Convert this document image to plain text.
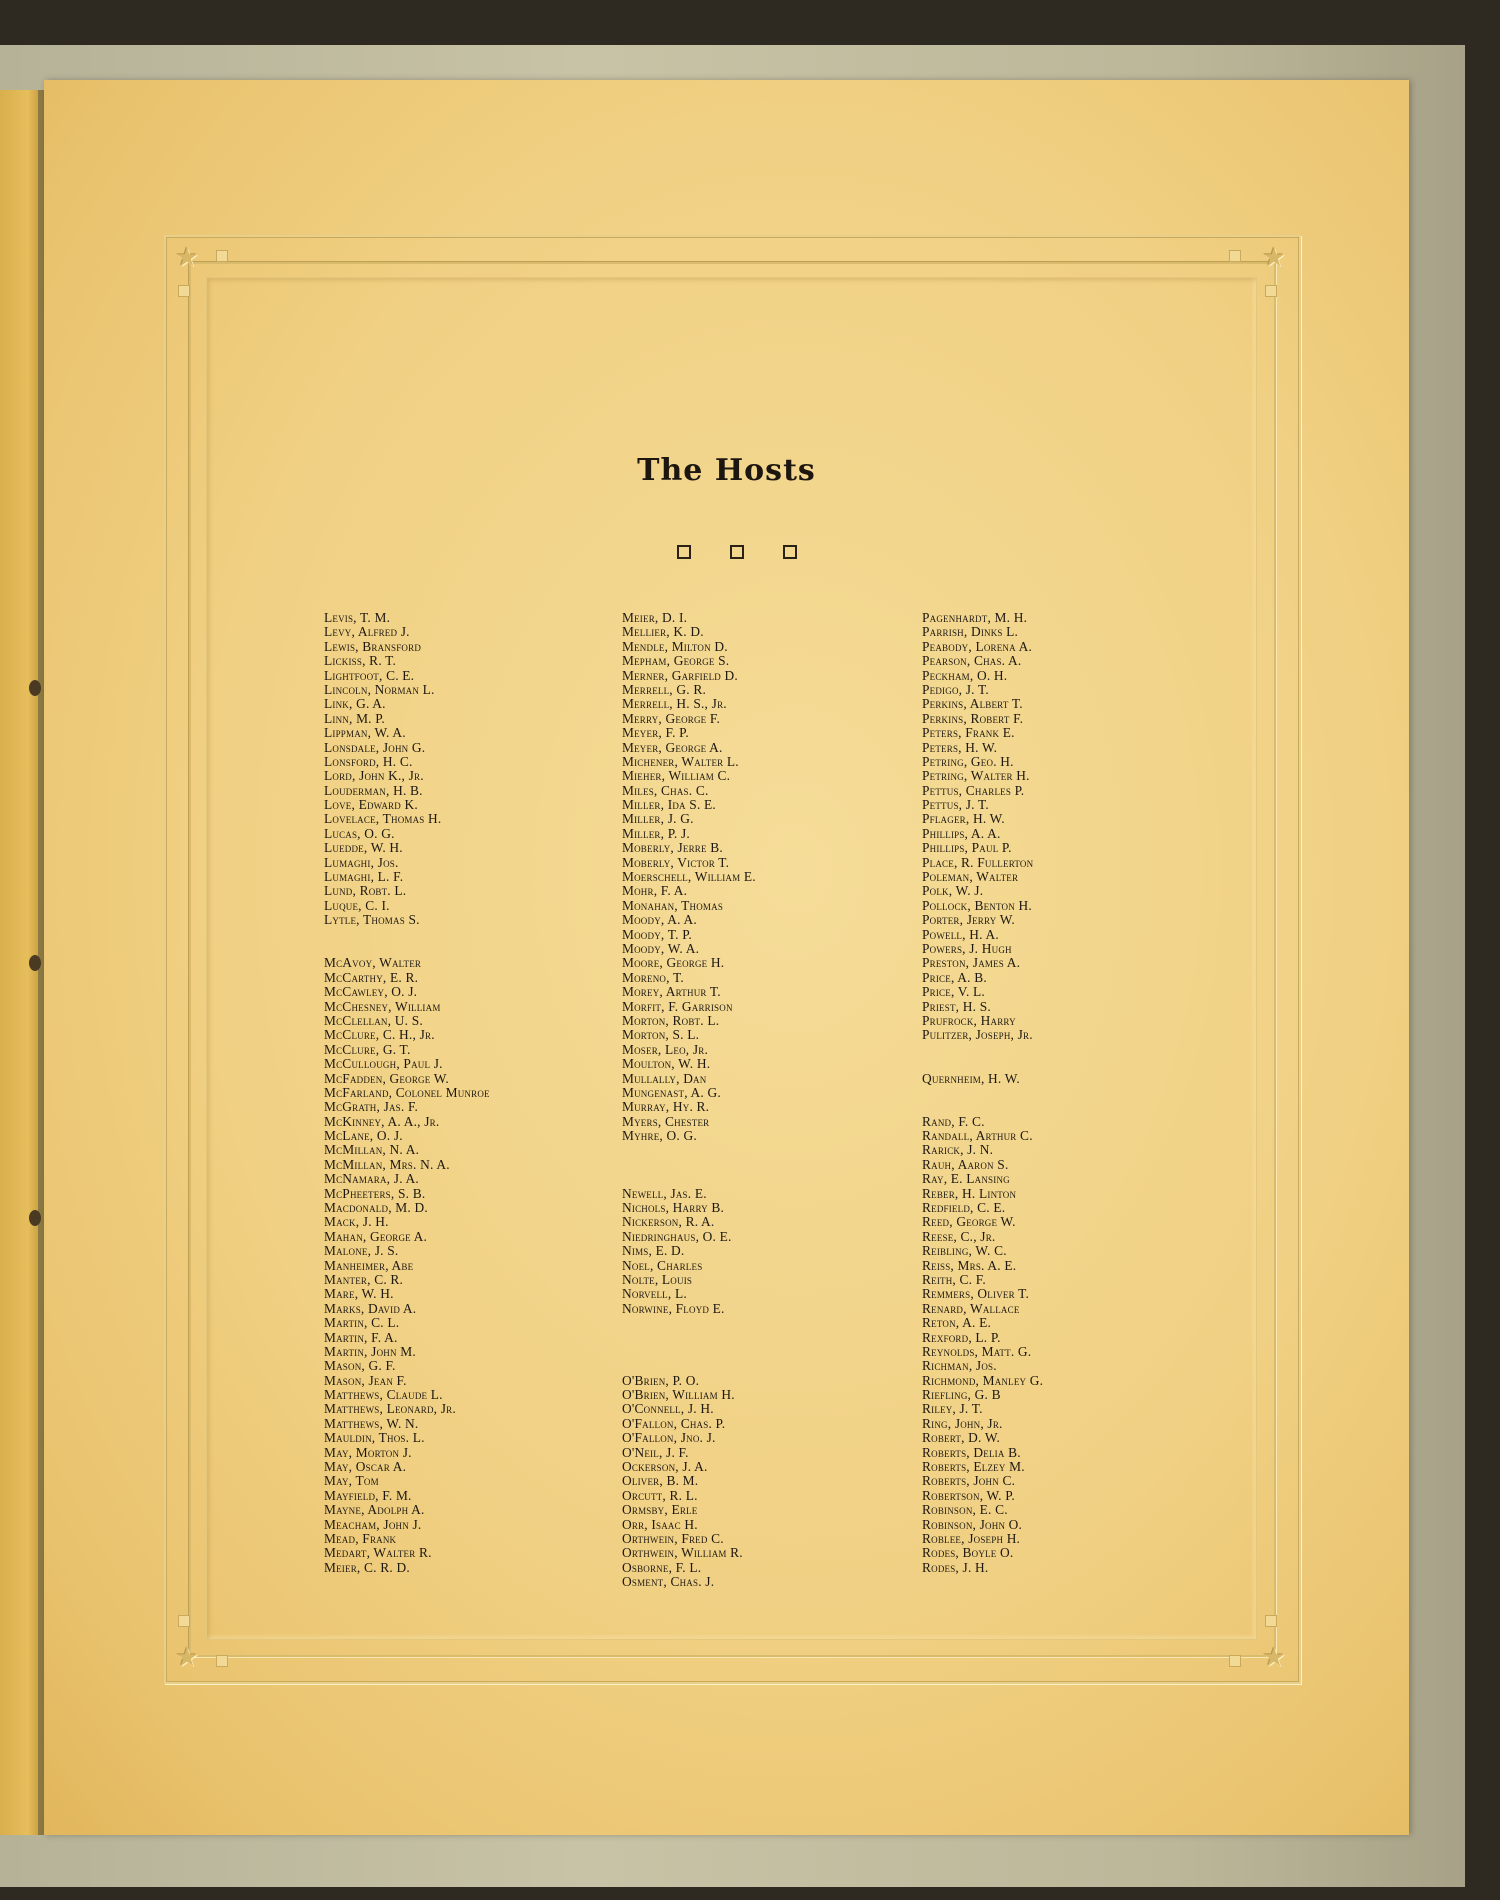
★	★
★	★
The Hosts
Levis, T. M.
Levy, Alfred J.
Lewis, Bransford
Lickiss, R. T.
Lightfoot, C. E.
Lincoln, Norman L.
Link, G. A.
Linn, M. P.
Lippman, W. A.
Lonsdale, John G.
Lonsford, H. C.
Lord, John K., Jr.
Louderman, H. B.
Love, Edward K.
Lovelace, Thomas H.
Lucas, O. G.
Luedde, W. H.
Lumaghi, Jos.
Lumaghi, L. F.
Lund, Robt. L.
Luque, C. I.
Lytle, Thomas S.
McAvoy, Walter
McCarthy, E. R.
McCawley, O. J.
McChesney, William
McClellan, U. S.
McClure, C. H., Jr.
McClure, G. T.
McCullough, Paul J.
McFadden, George W.
McFarland, Colonel Munroe
McGrath, Jas. F.
McKinney, A. A., Jr.
McLane, O. J.
McMillan, N. A.
McMillan, Mrs. N. A.
McNamara, J. A.
McPheeters, S. B.
Macdonald, M. D.
Mack, J. H.
Mahan, George A.
Malone, J. S.
Manheimer, Abe
Manter, C. R.
Mare, W. H.
Marks, David A.
Martin, C. L.
Martin, F. A.
Martin, John M.
Mason, G. F.
Mason, Jean F.
Matthews, Claude L.
Matthews, Leonard, Jr.
Matthews, W. N.
Mauldin, Thos. L.
May, Morton J.
May, Oscar A.
May, Tom
Mayfield, F. M.
Mayne, Adolph A.
Meacham, John J.
Mead, Frank
Medart, Walter R.
Meier, C. R. D.
Meier, D. I.
Mellier, K. D.
Mendle, Milton D.
Mepham, George S.
Merner, Garfield D.
Merrell, G. R.
Merrell, H. S., Jr.
Merry, George F.
Meyer, F. P.
Meyer, George A.
Michener, Walter L.
Mieher, William C.
Miles, Chas. C.
Miller, Ida S. E.
Miller, J. G.
Miller, P. J.
Moberly, Jerre B.
Moberly, Victor T.
Moerschell, William E.
Mohr, F. A.
Monahan, Thomas
Moody, A. A.
Moody, T. P.
Moody, W. A.
Moore, George H.
Moreno, T.
Morey, Arthur T.
Morfit, F. Garrison
Morton, Robt. L.
Morton, S. L.
Moser, Leo, Jr.
Moulton, W. H.
Mullally, Dan
Mungenast, A. G.
Murray, Hy. R.
Myers, Chester
Myhre, O. G.
Newell, Jas. E.
Nichols, Harry B.
Nickerson, R. A.
Niedringhaus, O. E.
Nims, E. D.
Noel, Charles
Nolte, Louis
Norvell, L.
Norwine, Floyd E.
O'Brien, P. O.
O'Brien, William H.
O'Connell, J. H.
O'Fallon, Chas. P.
O'Fallon, Jno. J.
O'Neil, J. F.
Ockerson, J. A.
Oliver, B. M.
Orcutt, R. L.
Ormsby, Erle
Orr, Isaac H.
Orthwein, Fred C.
Orthwein, William R.
Osborne, F. L.
Osment, Chas. J.
Pagenhardt, M. H.
Parrish, Dinks L.
Peabody, Lorena A.
Pearson, Chas. A.
Peckham, O. H.
Pedigo, J. T.
Perkins, Albert T.
Perkins, Robert F.
Peters, Frank E.
Peters, H. W.
Petring, Geo. H.
Petring, Walter H.
Pettus, Charles P.
Pettus, J. T.
Pflager, H. W.
Phillips, A. A.
Phillips, Paul P.
Place, R. Fullerton
Poleman, Walter
Polk, W. J.
Pollock, Benton H.
Porter, Jerry W.
Powell, H. A.
Powers, J. Hugh
Preston, James A.
Price, A. B.
Price, V. L.
Priest, H. S.
Prufrock, Harry
Pulitzer, Joseph, Jr.
Quernheim, H. W.
Rand, F. C.
Randall, Arthur C.
Rarick, J. N.
Rauh, Aaron S.
Ray, E. Lansing
Reber, H. Linton
Redfield, C. E.
Reed, George W.
Reese, C., Jr.
Reibling, W. C.
Reiss, Mrs. A. E.
Reith, C. F.
Remmers, Oliver T.
Renard, Wallace
Reton, A. E.
Rexford, L. P.
Reynolds, Matt. G.
Richman, Jos.
Richmond, Manley G.
Riefling, G. B
Riley, J. T.
Ring, John, Jr.
Robert, D. W.
Roberts, Delia B.
Roberts, Elzey M.
Roberts, John C.
Robertson, W. P.
Robinson, E. C.
Robinson, John O.
Roblee, Joseph H.
Rodes, Boyle O.
Rodes, J. H.
